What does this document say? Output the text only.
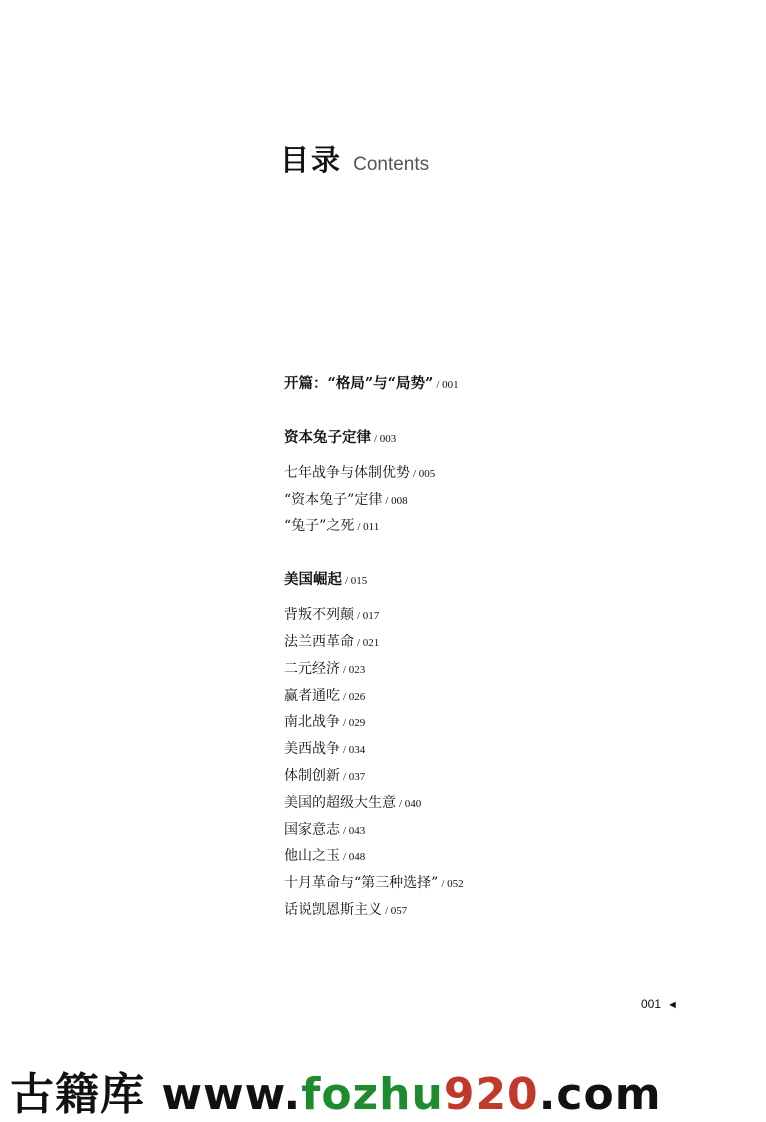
目录 Contents
开篇：“格局”与“局势” / 001
资本兔子定律 / 003
七年战争与体制优势 / 005
“资本兔子”定律 / 008
“兔子”之死 / 011
美国崛起 / 015
背叛不列颠 / 017
法兰西革命 / 021
二元经济 / 023
赢者通吃 / 026
南北战争 / 029
美西战争 / 034
体制创新 / 037
美国的超级大生意 / 040
国家意志 / 043
他山之玉 / 048
十月革命与“第三种选择” / 052
话说凯恩斯主义 / 057
001 ◄
古籍库 www.fozhu920.com
